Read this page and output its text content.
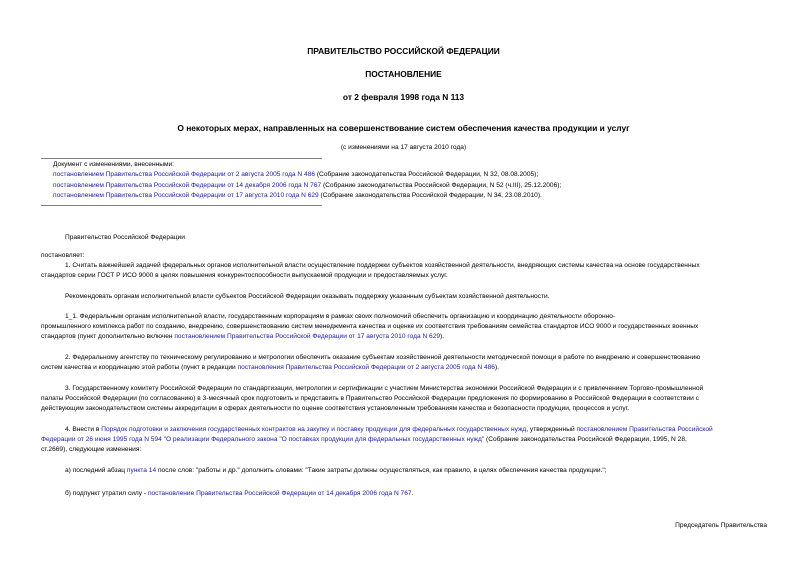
ПРАВИТЕЛЬСТВО РОССИЙСКОЙ ФЕДЕРАЦИИ
ПОСТАНОВЛЕНИЕ
от 2 февраля 1998 года N 113
О некоторых мерах, направленных на совершенствование систем обеспечения качества продукции и услуг
(с изменениями на 17 августа 2010 года)
Документ с изменениями, внесенными:
постановлением Правительства Российской Федерации от 2 августа 2005 года N 486 (Собрание законодательства Российской Федерации, N 32, 08.08.2005);
постановлением Правительства Российской Федерации от 14 декабря 2006 года N 767 (Собрание законодательства Российской Федерации, N 52 (ч.III), 25.12.2006);
постановлением Правительства Российской Федерации от 17 августа 2010 года N 629 (Собрание законодательства Российской Федерации, N 34, 23.08.2010).
Правительство Российской Федерации
постановляет:
1. Считать важнейшей задачей федеральных органов исполнительной власти осуществление поддержки субъектов хозяйственной деятельности, внедряющих системы качества на основе государственных
стандартов серии ГОСТ Р ИСО 9000 в целях повышения конкурентоспособности выпускаемой продукции и предоставляемых услуг.
Рекомендовать органам исполнительной власти субъектов Российской Федерации оказывать поддержку указанным субъектам хозяйственной деятельности.
1_1. Федеральным органам исполнительной власти, государственным корпорациям в рамках своих полномочий обеспечить организацию и координацию деятельности оборонно-
промышленного комплекса работ по созданию, внедрению, совершенствованию систем менеджмента качества и оценке их соответствия требованиям семейства стандартов ИСО 9000 и государственных военных
стандартов (пункт дополнительно включен постановлением Правительства Российской Федерации от 17 августа 2010 года N 629).
2. Федеральному агентству по техническому регулированию и метрологии обеспечить оказание субъектам хозяйственной деятельности методической помощи в работе по внедрению и совершенствованию
систем качества и координацию этой работы (пункт в редакции постановления Правительства Российской Федерации от 2 августа 2005 года N 486).
3. Государственному комитету Российской Федерации по стандартизации, метрологии и сертификации с участием Министерства экономики Российской Федерации и с привлечением Торгово-промышленной
палаты Российской Федерации (по согласованию) в 3-месячный срок подготовить и представить в Правительство Российской Федерации предложения по формированию в Российской Федерации в соответствии с
действующим законодательством системы аккредитации в сферах деятельности по оценке соответствия установленным требованиям качества и безопасности продукции, процессов и услуг.
4. Внести в Порядок подготовки и заключения государственных контрактов на закупку и поставку продукции для федеральных государственных нужд, утвержденный постановлением Правительства Российской
Федерации от 26 июня 1995 года N 594 "О реализации Федерального закона "О поставках продукции для федеральных государственных нужд" (Собрание законодательства Российской Федерации, 1995, N 28,
ст.2669), следующие изменения:
а) последний абзац пункта 14 после слов: "работы и др." дополнить словами: "Такие затраты должны осуществляться, как правило, в целях обеспечения качества продукции.";
б) подпункт утратил силу - постановление Правительства Российской Федерации от 14 декабря 2006 года N 767.
Председатель Правительства
